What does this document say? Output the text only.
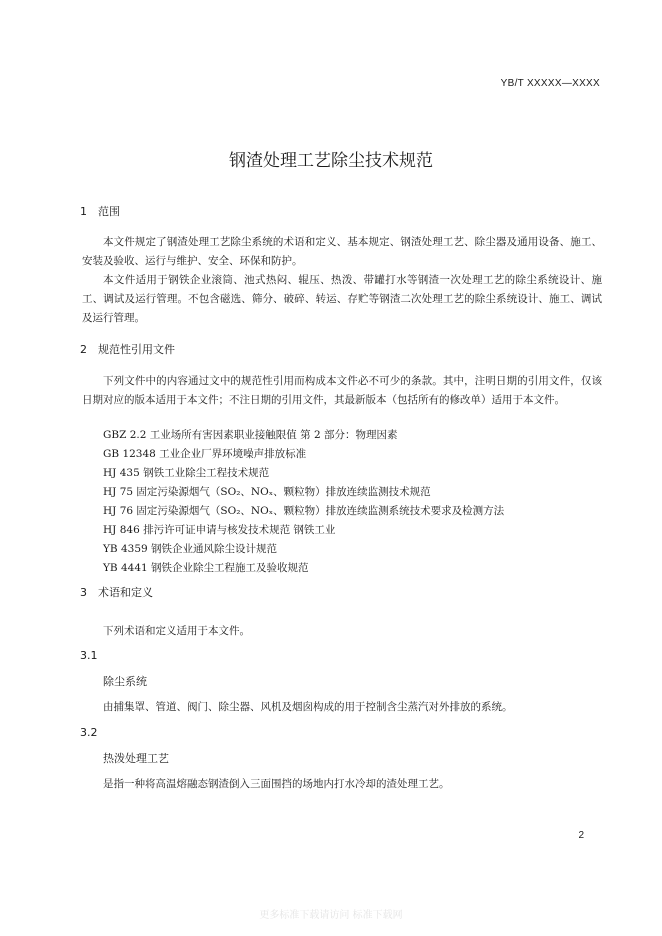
YB/T XXXXX—XXXX
钢渣处理工艺除尘技术规范
1 范围

本文件规定了钢渣处理工艺除尘系统的术语和定义、基本规定、钢渣处理工艺、除尘器及通用设备、施工、安装及验收、运行与维护、安全、环保和防护。

本文件适用于钢铁企业滚筒、池式热闷、辊压、热泼、带罐打水等钢渣一次处理工艺的除尘系统设计、施工、调试及运行管理。不包含磁选、筛分、破碎、转运、存贮等钢渣二次处理工艺的除尘系统设计、施工、调试及运行管理。

2 规范性引用文件

下列文件中的内容通过文中的规范性引用而构成本文件必不可少的条款。其中，注明日期的引用文件，仅该日期对应的版本适用于本文件；不注日期的引用文件，其最新版本（包括所有的修改单）适用于本文件。

GBZ 2.2 工业场所有害因素职业接触限值 第 2 部分：物理因素
GB 12348 工业企业厂界环境噪声排放标准
HJ 435 钢铁工业除尘工程技术规范
HJ 75 固定污染源烟气（SO₂、NOₓ、颗粒物）排放连续监测技术规范
HJ 76 固定污染源烟气（SO₂、NOₓ、颗粒物）排放连续监测系统技术要求及检测方法
HJ 846 排污许可证申请与核发技术规范 钢铁工业
YB 4359 钢铁企业通风除尘设计规范
YB 4441 钢铁企业除尘工程施工及验收规范
3 术语和定义
下列术语和定义适用于本文件。
3.1
除尘系统
由捕集罩、管道、阀门、除尘器、风机及烟囱构成的用于控制含尘蒸汽对外排放的系统。
3.2
热泼处理工艺
是指一种将高温熔融态钢渣倒入三面围挡的场地内打水冷却的渣处理工艺。
2
更多标准下载请访问 标准下载网
